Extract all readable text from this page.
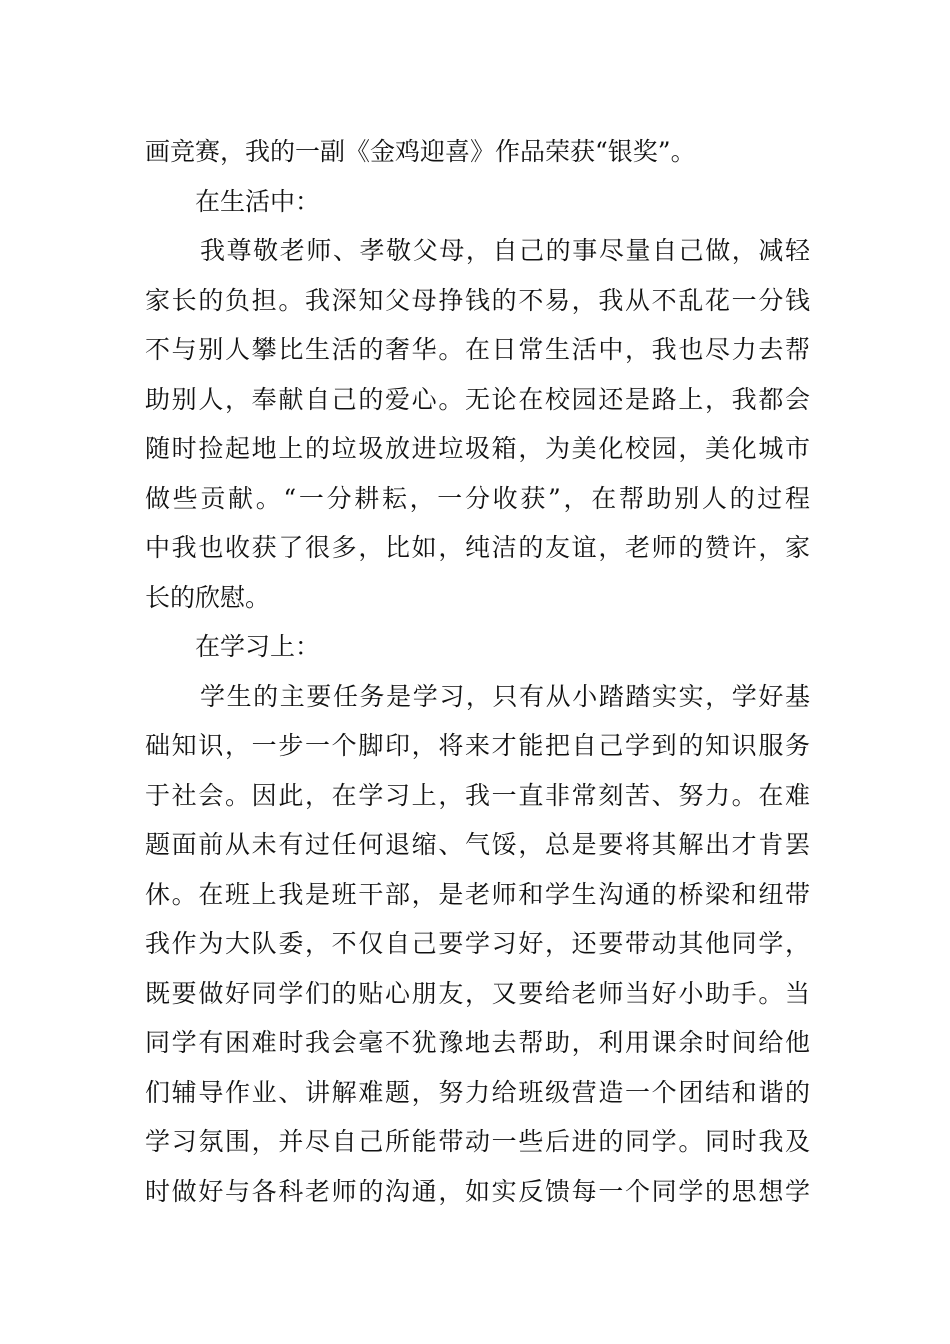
画竞赛，我的一副《金鸡迎喜》作品荣获“银奖”。
在生活中：
我尊敬老师、孝敬父母，自己的事尽量自己做，减轻
家长的负担。我深知父母挣钱的不易，我从不乱花一分钱
不与别人攀比生活的奢华。在日常生活中，我也尽力去帮
助别人，奉献自己的爱心。无论在校园还是路上，我都会
随时捡起地上的垃圾放进垃圾箱，为美化校园，美化城市
做些贡献。“一分耕耘，一分收获”，在帮助别人的过程
中我也收获了很多，比如，纯洁的友谊，老师的赞许，家
长的欣慰。
在学习上：
学生的主要任务是学习，只有从小踏踏实实，学好基
础知识，一步一个脚印，将来才能把自己学到的知识服务
于社会。因此，在学习上，我一直非常刻苦、努力。在难
题面前从未有过任何退缩、气馁，总是要将其解出才肯罢
休。在班上我是班干部，是老师和学生沟通的桥梁和纽带
我作为大队委，不仅自己要学习好，还要带动其他同学，
既要做好同学们的贴心朋友，又要给老师当好小助手。当
同学有困难时我会毫不犹豫地去帮助，利用课余时间给他
们辅导作业、讲解难题，努力给班级营造一个团结和谐的
学习氛围，并尽自己所能带动一些后进的同学。同时我及
时做好与各科老师的沟通，如实反馈每一个同学的思想学
